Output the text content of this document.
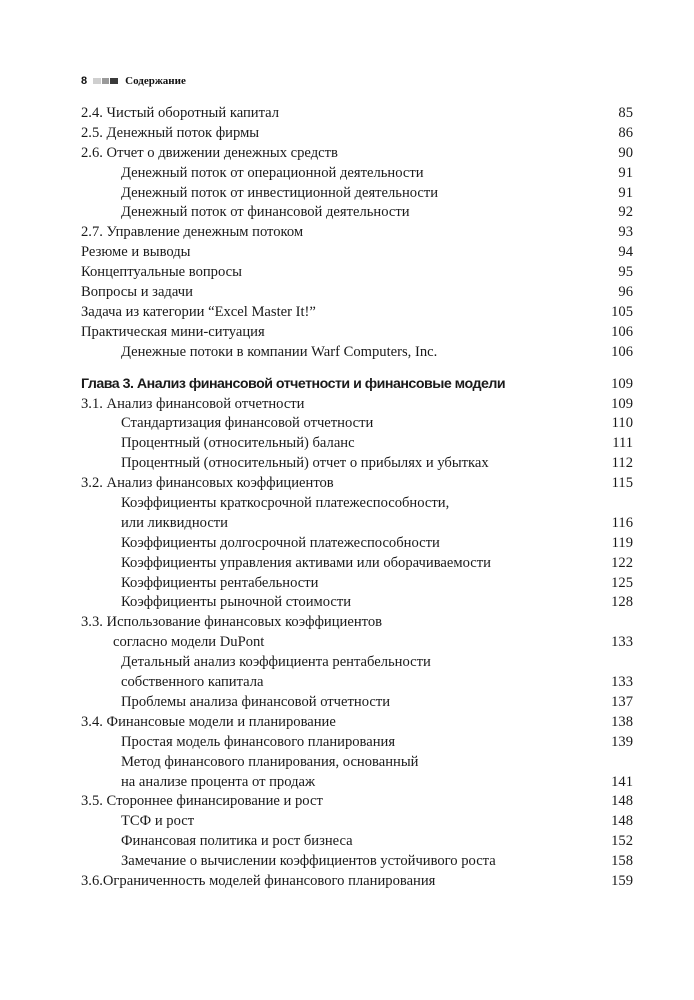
8	Содержание
2.4. Чистый оборотный капитал	85
2.5. Денежный поток фирмы	86
2.6. Отчет о движении денежных средств	90
Денежный поток от операционной деятельности	91
Денежный поток от инвестиционной деятельности	91
Денежный поток от финансовой деятельности	92
2.7. Управление денежным потоком	93
Резюме и выводы	94
Концептуальные вопросы	95
Вопросы и задачи	96
Задача из категории “Excel Master It!”	105
Практическая мини-ситуация	106
Денежные потоки в компании Warf Computers, Inc.	106
Глава 3. Анализ финансовой отчетности и финансовые модели	109
3.1. Анализ финансовой отчетности	109
Стандартизация финансовой отчетности	110
Процентный (относительный) баланс	111
Процентный (относительный) отчет о прибылях и убытках	112
3.2. Анализ финансовых коэффициентов	115
Коэффициенты краткосрочной платежеспособности,
или ликвидности	116
Коэффициенты долгосрочной платежеспособности	119
Коэффициенты управления активами или оборачиваемости	122
Коэффициенты рентабельности	125
Коэффициенты рыночной стоимости	128
3.3. Использование финансовых коэффициентов
согласно модели DuPont	133
Детальный анализ коэффициента рентабельности
собственного капитала	133
Проблемы анализа финансовой отчетности	137
3.4. Финансовые модели и планирование	138
Простая модель финансового планирования	139
Метод финансового планирования, основанный
на анализе процента от продаж	141
3.5. Стороннее финансирование и рост	148
ТСФ и рост	148
Финансовая политика и рост бизнеса	152
Замечание о вычислении коэффициентов устойчивого роста	158
3.6.Ограниченность моделей финансового планирования	159
